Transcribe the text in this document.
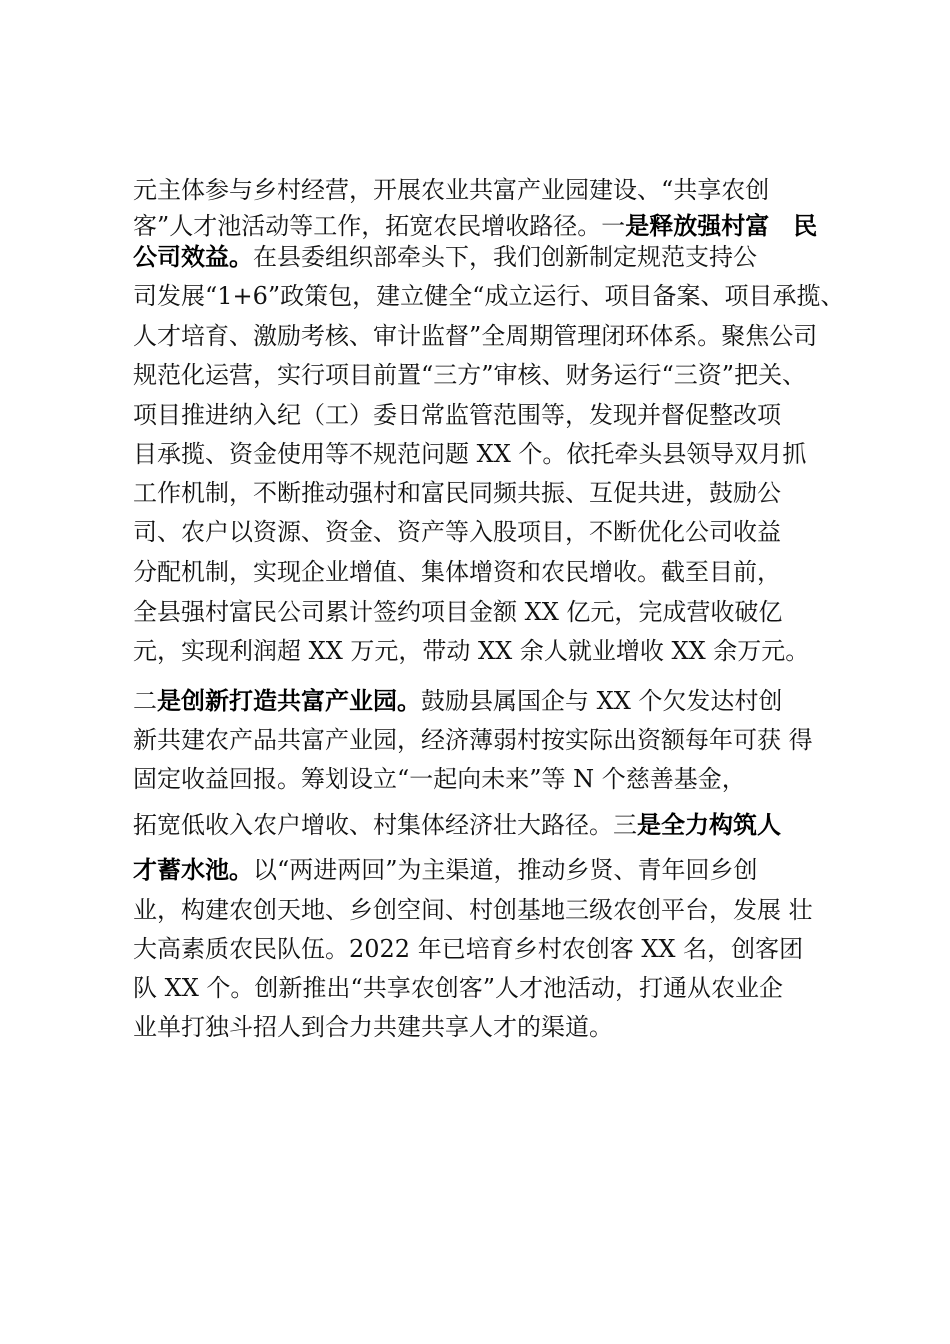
元主体参与乡村经营，开展农业共富产业园建设、“共享农创
客”人才池活动等工作，拓宽农民增收路径。一是释放强村富　民
公司效益。在县委组织部牵头下，我们创新制定规范支持公
司发展“1+6”政策包，建立健全“成立运行、项目备案、项目承揽、
人才培育、激励考核、审计监督”全周期管理闭环体系。聚焦公司
规范化运营，实行项目前置“三方”审核、财务运行“三资”把关、
项目推进纳入纪（工）委日常监管范围等，发现并督促整改项
目承揽、资金使用等不规范问题 XX 个。依托牵头县领导双月抓
工作机制，不断推动强村和富民同频共振、互促共进，鼓励公
司、农户以资源、资金、资产等入股项目，不断优化公司收益
分配机制，实现企业增值、集体增资和农民增收。截至目前，
全县强村富民公司累计签约项目金额 XX 亿元，完成营收破亿
元，实现利润超 XX 万元，带动 XX 余人就业增收 XX 余万元。
二是创新打造共富产业园。鼓励县属国企与 XX 个欠发达村创
新共建农产品共富产业园，经济薄弱村按实际出资额每年可获 得
固定收益回报。筹划设立“一起向未来”等 N 个慈善基金，
拓宽低收入农户增收、村集体经济壮大路径。三是全力构筑人
才蓄水池。以“两进两回”为主渠道，推动乡贤、青年回乡创
业，构建农创天地、乡创空间、村创基地三级农创平台，发展 壮
大高素质农民队伍。2022 年已培育乡村农创客 XX 名，创客团
队 XX 个。创新推出“共享农创客”人才池活动，打通从农业企
业单打独斗招人到合力共建共享人才的渠道。
